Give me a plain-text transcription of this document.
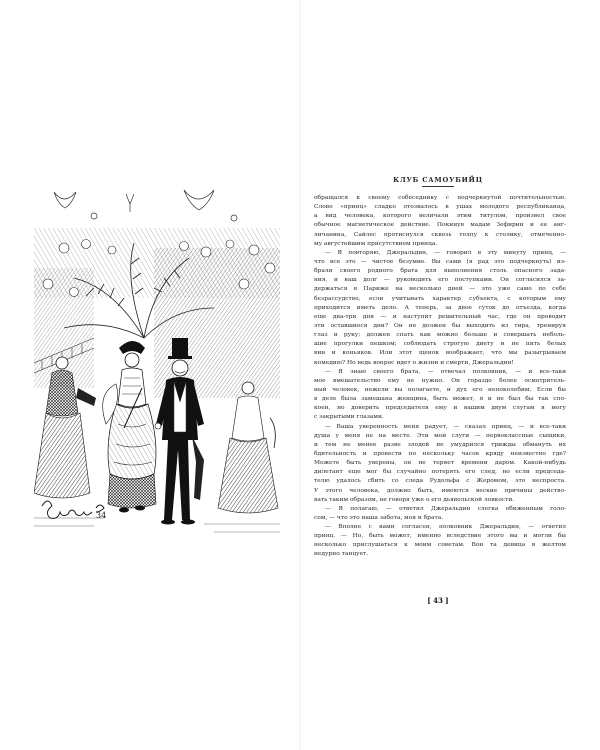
34
КЛУБ САМОУБИЙЦ
обращался к своему собеседнику с подчеркнутой почтительностью.
Слово «принц» сладко отозвалось в ушах молодого республиканца,
а вид человека, которого величали этим титулом, произвел свое
обычное магнетическое действие. Покинув мадам Зефирин и ее анг-
личанина, Сайлес протиснулся сквозь толпу к столику, отмеченно-
му августейшим присутствием принца.
— Я повторяю, Джеральдин, — говорил в эту минуту принц, —
что все это — чистое безумие. Вы сами (я рад это подчеркнуть) из-
брали своего родного брата для выполнения столь опасного зада-
ния, и ваш долг — руководить его поступками. Он согласился за-
держаться в Париже на несколько дней — это уже само по себе
безрассудство, если учитывать характер субъекта, с которым ему
приходится иметь дело. А теперь, за двое суток до отъезда, когда
еще два-три дня — и наступит решительный час, где он проводит
эти оставшиеся дни? Он не должен бы выходить из тира, тренируя
глаз и руку; должен спать как можно больше и совершать неболь-
шие прогулки пешком; соблюдать строгую диету и не пить белых
вин и коньяков. Или этот щенок воображает, что мы разыгрываем
комедию? Но ведь вопрос идет о жизни и смерти, Джеральдин!
— Я знаю своего брата, — отвечал полковник, — и все-таки
мое вмешательство ему не нужно. Он гораздо более осмотритель-
ный человек, нежели вы полагаете, и дух его непоколебим. Если бы
в деле была замешана женщина, быть может, я и не был бы так спо-
коен, но доверить председателя ему и вашим двум слугам я могу
с закрытыми глазами.
— Ваша уверенность меня радует, — сказал принц, — и все-таки
душа у меня не на месте. Эти мои слуги — первоклассные сыщики,
и тем не менее разве злодей не умудрился трижды обмануть их
бдительность и провести по нескольку часов кряду неизвестно где?
Можете быть уверены, он не теряет времени даром. Какой-нибудь
дилетант еще мог бы случайно потерять его след, но если председа-
телю удалось сбить со следа Рудольфа с Жеромом, это неспроста.
У этого человека, должно быть, имеются веские причины действо-
вать таким образом, не говоря уже о его дьявольской ловкости.
— Я полагаю, — ответил Джеральдин слегка обиженным голо-
сом, — что это наша забота, моя и брата.
— Вполне с вами согласен, полковник Джеральдин, — ответил
принц. — Но, быть может, именно вследствие этого вы и могли бы
несколько прислушаться к моим советам. Вон та девица в желтом
недурно танцует.
[ 43 ]
